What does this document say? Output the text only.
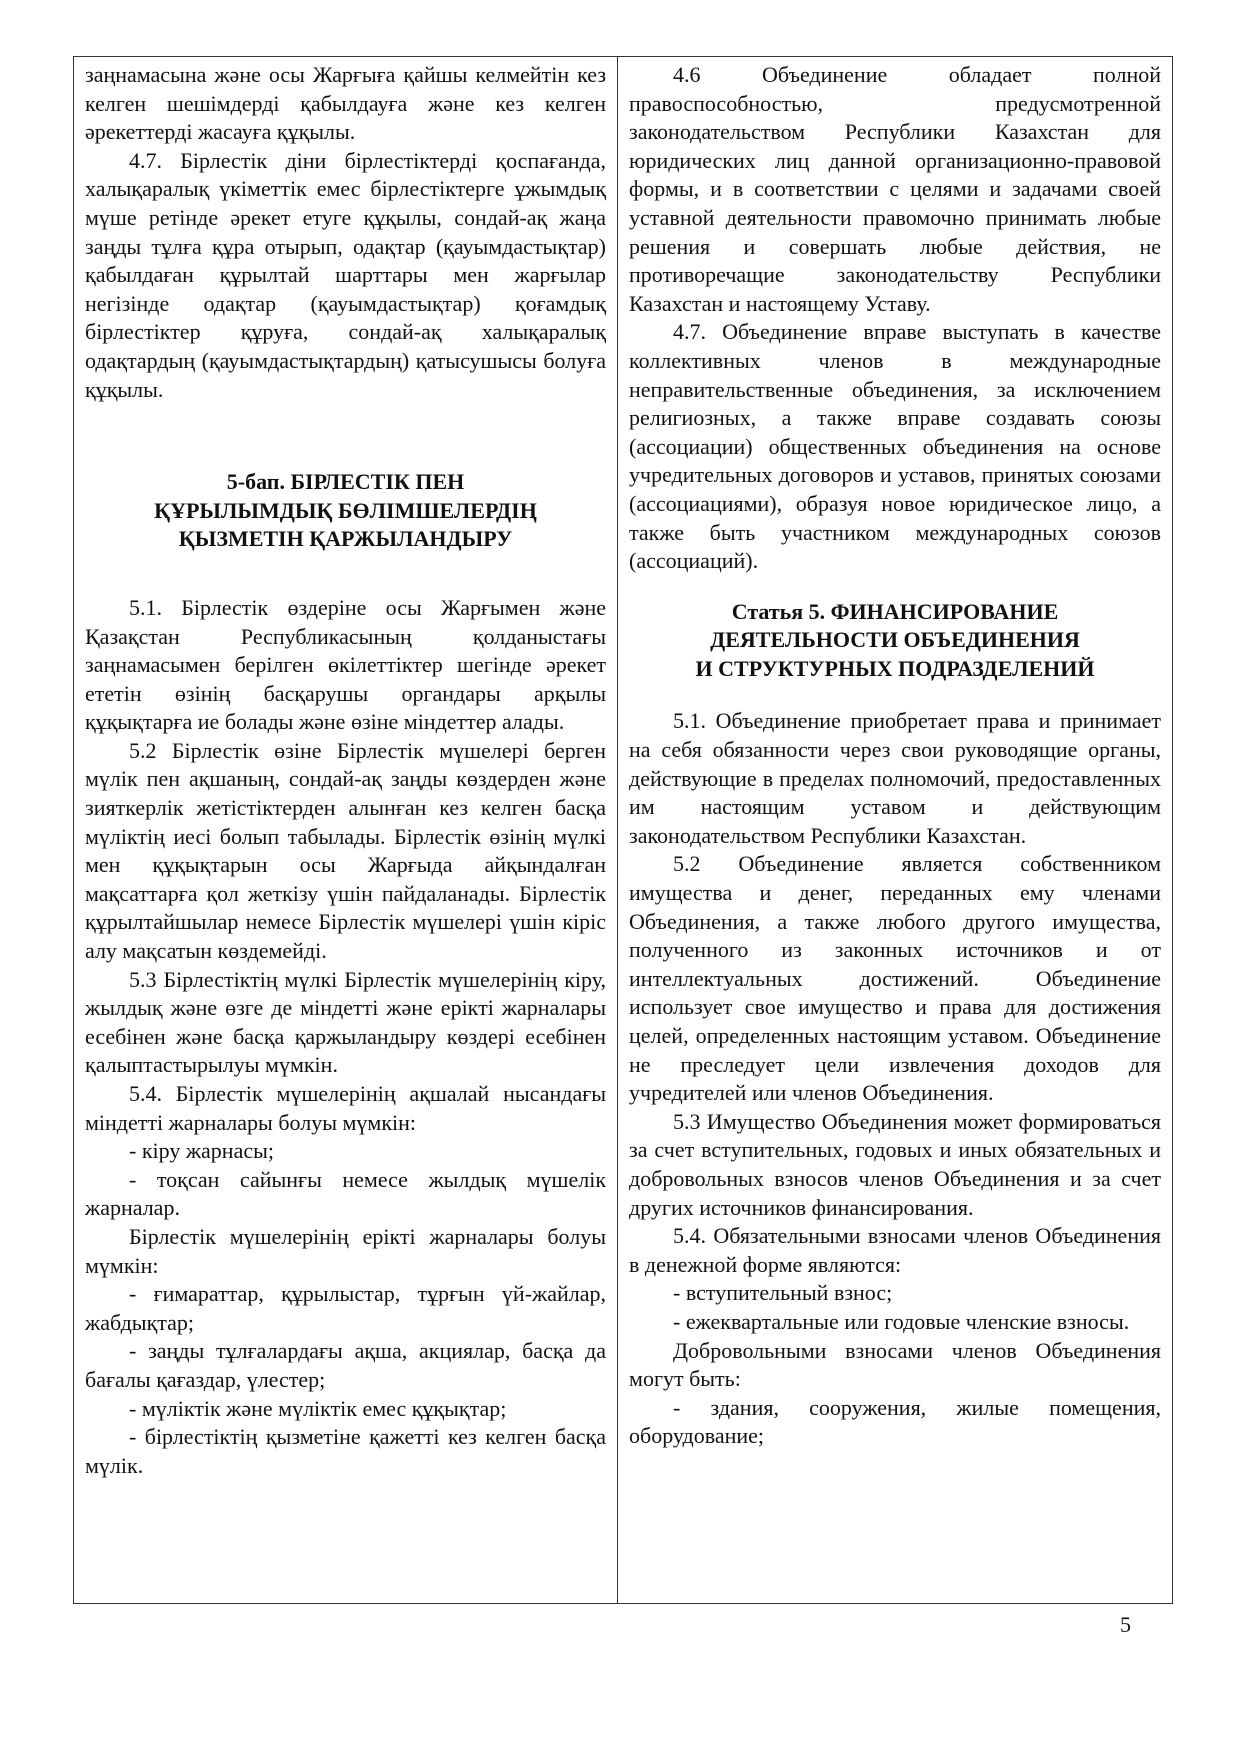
заңнамасына және осы Жарғыға қайшы келмейтін кез келген шешімдерді қабылдауға және кез келген әрекеттерді жасауға құқылы.

4.7. Бірлестік діни бірлестіктерді қоспағанда, халықаралық үкіметтік емес бірлестіктерге ұжымдық мүше ретінде әрекет етуге құқылы, сондай-ақ жаңа заңды тұлға құра отырып, одақтар (қауымдастықтар) қабылдаған құрылтай шарттары мен жарғылар негізінде одақтар (қауымдастықтар) қоғамдық бірлестіктер құруға, сондай-ақ халықаралық одақтардың (қауымдастықтардың) қатысушысы болуға құқылы.

5-бап. БІРЛЕСТІК ПЕН
ҚҰРЫЛЫМДЫҚ БӨЛІМШЕЛЕРДІҢ
ҚЫЗМЕТІН ҚАРЖЫЛАНДЫРУ

5.1. Бірлестік өздеріне осы Жарғымен және Қазақстан Республикасының қолданыстағы заңнамасымен берілген өкілеттіктер шегінде әрекет ететін өзінің басқарушы органдары арқылы құқықтарға ие болады және өзіне міндеттер алады.

5.2 Бірлестік өзіне Бірлестік мүшелері берген мүлік пен ақшаның, сондай-ақ заңды көздерден және зияткерлік жетістіктерден алынған кез келген басқа мүліктің иесі болып табылады. Бірлестік өзінің мүлкі мен құқықтарын осы Жарғыда айқындалған мақсаттарға қол жеткізу үшін пайдаланады. Бірлестік құрылтайшылар немесе Бірлестік мүшелері үшін кіріс алу мақсатын көздемейді.

5.3 Бірлестіктің мүлкі Бірлестік мүшелерінің кіру, жылдық және өзге де міндетті және ерікті жарналары есебінен және басқа қаржыландыру көздері есебінен қалыптастырылуы мүмкін.

5.4. Бірлестік мүшелерінің ақшалай нысандағы міндетті жарналары болуы мүмкін:

- кіру жарнасы;

- тоқсан сайынғы немесе жылдық мүшелік жарналар.

Бірлестік мүшелерінің ерікті жарналары болуы мүмкін:

- ғимараттар, құрылыстар, тұрғын үй-жайлар, жабдықтар;

- заңды тұлғалардағы ақша, акциялар, басқа да бағалы қағаздар, үлестер;

- мүліктік және мүліктік емес құқықтар;

- бірлестіктің қызметіне қажетті кез келген басқа мүлік.

4.6 Объединение обладает полной правоспособностью, предусмотренной законодательством Республики Казахстан для юридических лиц данной организационно-правовой формы, и в соответствии с целями и задачами своей уставной деятельности правомочно принимать любые решения и совершать любые действия, не противоречащие законодательству Республики Казахстан и настоящему Уставу.

4.7. Объединение вправе выступать в качестве коллективных членов в международные неправительственные объединения, за исключением религиозных, а также вправе создавать союзы (ассоциации) общественных объединения на основе учредительных договоров и уставов, принятых союзами (ассоциациями), образуя новое юридическое лицо, а также быть участником международных союзов (ассоциаций).

Статья 5. ФИНАНСИРОВАНИЕ
ДЕЯТЕЛЬНОСТИ ОБЪЕДИНЕНИЯ
И СТРУКТУРНЫХ ПОДРАЗДЕЛЕНИЙ

5.1. Объединение приобретает права и принимает на себя обязанности через свои руководящие органы, действующие в пределах полномочий, предоставленных им настоящим уставом и действующим законодательством Республики Казахстан.

5.2 Объединение является собственником имущества и денег, переданных ему членами Объединения, а также любого другого имущества, полученного из законных источников и от интеллектуальных достижений. Объединение использует свое имущество и права для достижения целей, определенных настоящим уставом. Объединение не преследует цели извлечения доходов для учредителей или членов Объединения.

5.3 Имущество Объединения может формироваться за счет вступительных, годовых и иных обязательных и добровольных взносов членов Объединения и за счет других источников финансирования.

5.4. Обязательными взносами членов Объединения в денежной форме являются:

- вступительный взнос;

- ежеквартальные или годовые членские взносы.

Добровольными взносами членов Объединения могут быть:

- здания, сооружения, жилые помещения, оборудование;

5
